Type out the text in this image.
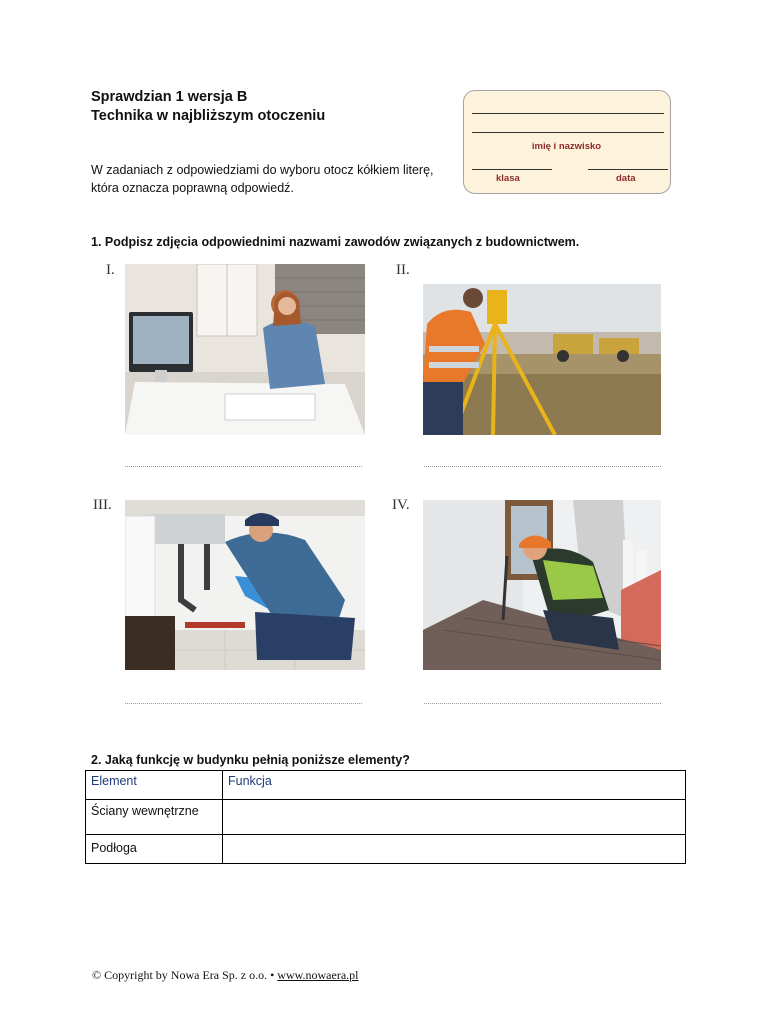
Sprawdzian 1 wersja B
Technika w najbliższym otoczeniu
W zadaniach z odpowiedziami do wyboru otocz kółkiem literę, która oznacza poprawną odpowiedź.
imię i nazwisko
klasa	data
1. Podpisz zdjęcia odpowiednimi nazwami zawodów związanych z budownictwem.
I.	II.
III.	IV.
2. Jaką funkcję w budynku pełnią poniższe elementy?
Element	Funkcja
Ściany wewnętrzne	
Podłoga	
© Copyright by Nowa Era Sp. z o.o. • www.nowaera.pl
